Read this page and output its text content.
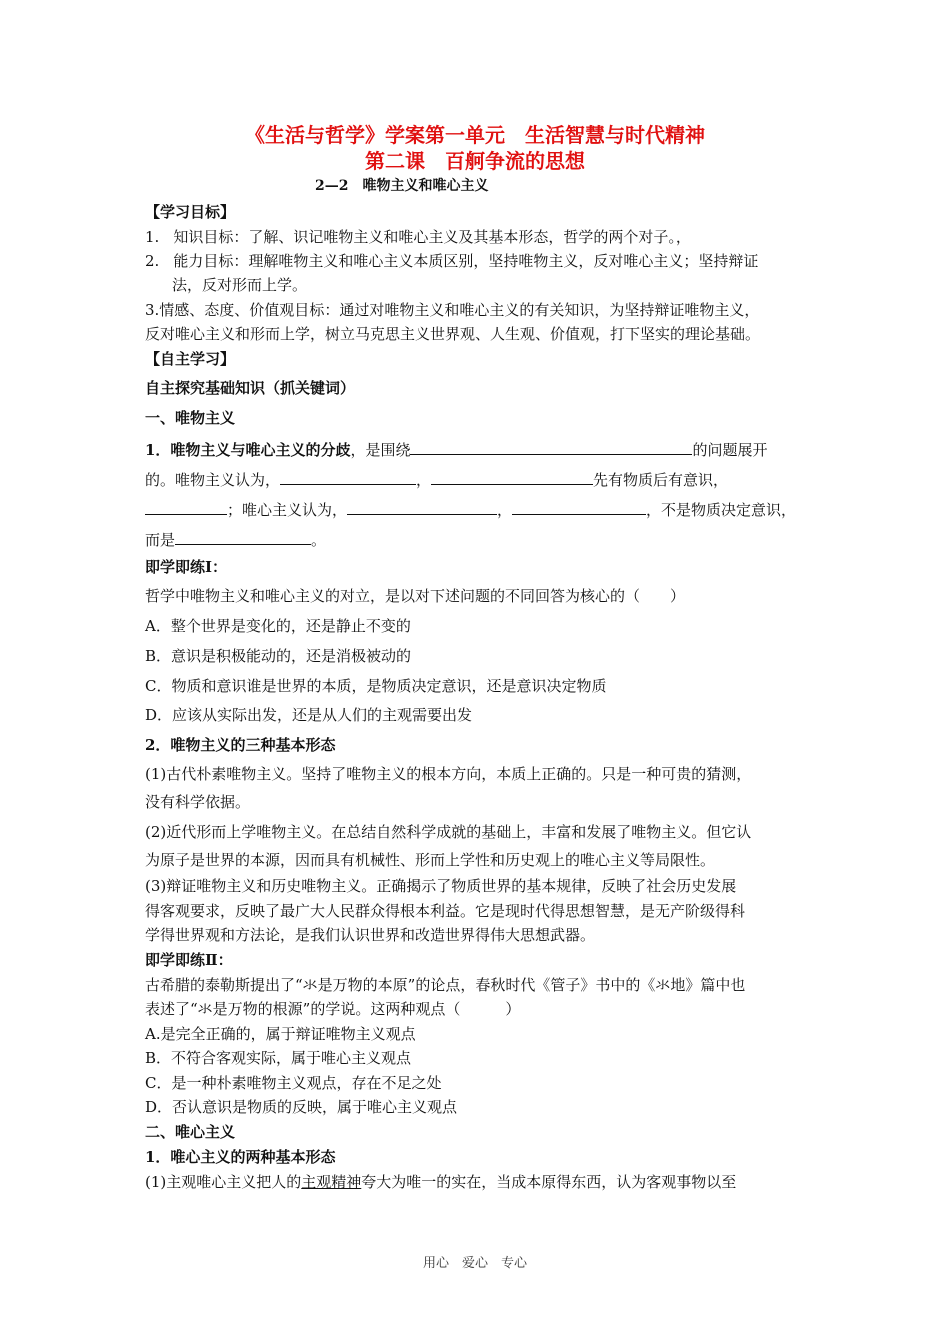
《生活与哲学》学案第一单元　生活智慧与时代精神
第二课　百舸争流的思想
2—2　唯物主义和唯心主义
【学习目标】
1. 知识目标：了解、识记唯物主义和唯心主义及其基本形态，哲学的两个对子。，
2. 能力目标：理解唯物主义和唯心主义本质区别，坚持唯物主义，反对唯心主义；坚持辩证
法，反对形而上学。
3.情感、态度、价值观目标：通过对唯物主义和唯心主义的有关知识，为坚持辩证唯物主义，
反对唯心主义和形而上学，树立马克思主义世界观、人生观、价值观，打下坚实的理论基础。
【自主学习】
自主探究基础知识（抓关键词）
一、唯物主义
1．唯物主义与唯心主义的分歧，是围绕	的问题展开
的。唯物主义认为，	，	先有物质后有意识，
；唯心主义认为，	，	，不是物质决定意识，
而是	。
即学即练Ⅰ：
哲学中唯物主义和唯心主义的对立，是以对下述问题的不同回答为核心的（　　）
A．整个世界是变化的，还是静止不变的
B．意识是积极能动的，还是消极被动的
C．物质和意识谁是世界的本质，是物质决定意识，还是意识决定物质
D．应该从实际出发，还是从人们的主观需要出发
2．唯物主义的三种基本形态
(1)古代朴素唯物主义。坚持了唯物主义的根本方向，本质上正确的。只是一种可贵的猜测，
没有科学依据。
(2)近代形而上学唯物主义。在总结自然科学成就的基础上，丰富和发展了唯物主义。但它认
为原子是世界的本源，因而具有机械性、形而上学性和历史观上的唯心主义等局限性。
(3)辩证唯物主义和历史唯物主义。正确揭示了物质世界的基本规律，反映了社会历史发展
得客观要求，反映了最广大人民群众得根本利益。它是现时代得思想智慧，是无产阶级得科
学得世界观和方法论，是我们认识世界和改造世界得伟大思想武器。
即学即练Ⅱ：
古希腊的泰勒斯提出了“氺是万物的本原”的论点，春秋时代《管子》书中的《氺地》篇中也
表述了“氺是万物的根源”的学说。这两种观点（　　　）
A.是完全正确的，属于辩证唯物主义观点
B．不符合客观实际，属于唯心主义观点
C．是一种朴素唯物主义观点，存在不足之处
D．否认意识是物质的反映，属于唯心主义观点
二、唯心主义
1．唯心主义的两种基本形态
(1)主观唯心主义把人的主观精神夸大为唯一的实在，当成本原得东西，认为客观事物以至
用心　爱心　专心
